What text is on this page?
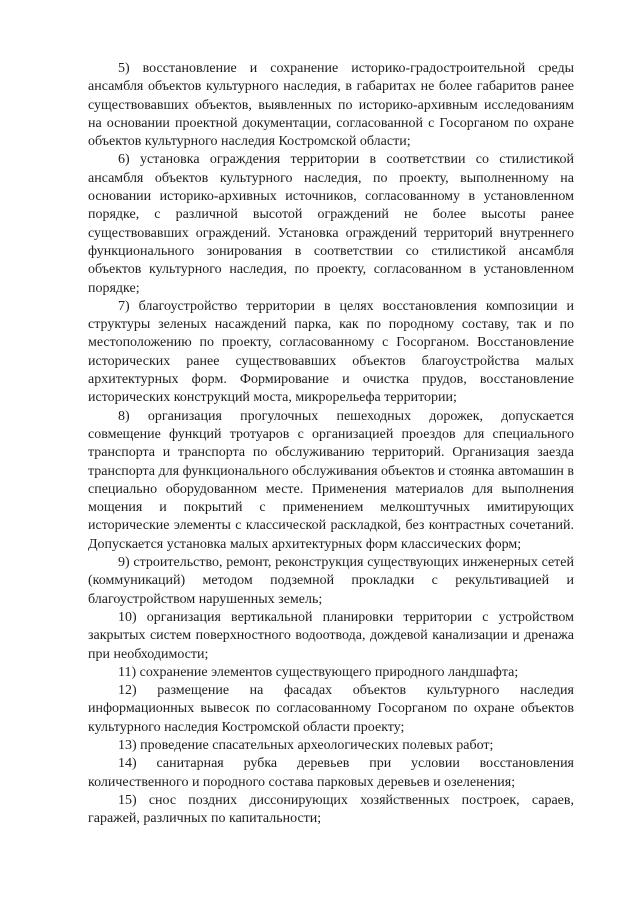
5) восстановление и сохранение историко-градостроительной среды ансамбля объектов культурного наследия, в габаритах не более габаритов ранее существовавших объектов, выявленных по историко-архивным исследованиям на основании проектной документации, согласованной с Госорганом по охране объектов культурного наследия Костромской области;

6) установка ограждения территории в соответствии со стилистикой ансамбля объектов культурного наследия, по проекту, выполненному на основании историко-архивных источников, согласованному в установленном порядке, с различной высотой ограждений не более высоты ранее существовавших ограждений. Установка ограждений территорий внутреннего функционального зонирования в соответствии со стилистикой ансамбля объектов культурного наследия, по проекту, согласованном в установленном порядке;

7) благоустройство территории в целях восстановления композиции и структуры зеленых насаждений парка, как по породному составу, так и по местоположению по проекту, согласованному с Госорганом. Восстановление исторических ранее существовавших объектов благоустройства малых архитектурных форм. Формирование и очистка прудов, восстановление исторических конструкций моста, микрорельефа территории;

8) организация прогулочных пешеходных дорожек, допускается совмещение функций тротуаров с организацией проездов для специального транспорта и транспорта по обслуживанию территорий. Организация заезда транспорта для функционального обслуживания объектов и стоянка автомашин в специально оборудованном месте. Применения материалов для выполнения мощения и покрытий с применением мелкоштучных имитирующих исторические элементы с классической раскладкой, без контрастных сочетаний. Допускается установка малых архитектурных форм классических форм;

9) строительство, ремонт, реконструкция существующих инженерных сетей (коммуникаций) методом подземной прокладки с рекультивацией и благоустройством нарушенных земель;

10) организация вертикальной планировки территории с устройством закрытых систем поверхностного водоотвода, дождевой канализации и дренажа при необходимости;

11) сохранение элементов существующего природного ландшафта;

12) размещение на фасадах объектов культурного наследия информационных вывесок по согласованному Госорганом по охране объектов культурного наследия Костромской области проекту;

13) проведение спасательных археологических полевых работ;

14) санитарная рубка деревьев при условии восстановления количественного и породного состава парковых деревьев и озеленения;

15) снос поздних диссонирующих хозяйственных построек, сараев, гаражей, различных по капитальности;
